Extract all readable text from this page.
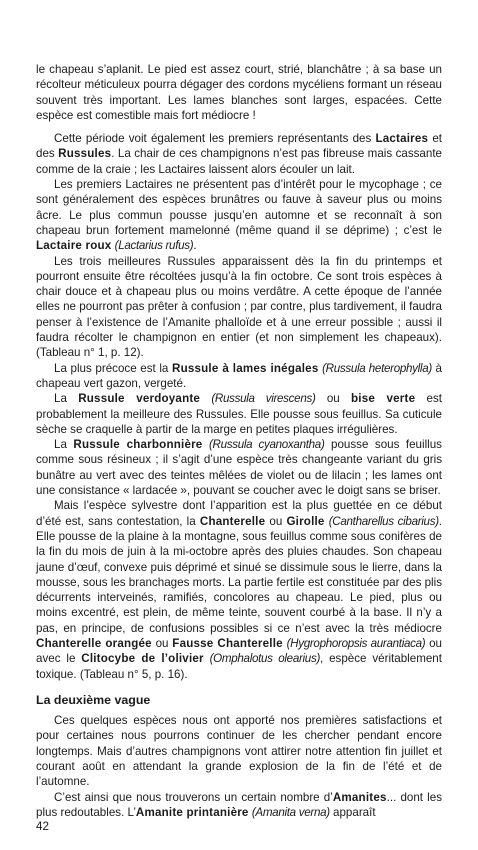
le chapeau s’aplanit. Le pied est assez court, strié, blanchâtre ; à sa base un récolteur méticuleux pourra dégager des cordons mycéliens formant un réseau souvent très important. Les lames blanches sont larges, espacées. Cette espèce est comestible mais fort médiocre !

Cette période voit également les premiers représentants des Lactaires et des Russules. La chair de ces champignons n’est pas fibreuse mais cassante comme de la craie ; les Lactaires laissent alors écouler un lait.

Les premiers Lactaires ne présentent pas d’intérêt pour le mycophage ; ce sont généralement des espèces brunâtres ou fauve à saveur plus ou moins âcre. Le plus commun pousse jusqu’en automne et se reconnaît à son chapeau brun fortement mamelonné (même quand il se déprime) ; c’est le Lactaire roux (Lactarius rufus).

Les trois meilleures Russules apparaissent dès la fin du printemps et pourront ensuite être récoltées jusqu’à la fin octobre. Ce sont trois espèces à chair douce et à chapeau plus ou moins verdâtre. A cette époque de l’année elles ne pourront pas prêter à confusion ; par contre, plus tardivement, il faudra penser à l’existence de l’Amanite phalloïde et à une erreur possible ; aussi il faudra récolter le champignon en entier (et non simplement les chapeaux). (Tableau n° 1, p. 12).

La plus précoce est la Russule à lames inégales (Russula heterophylla) à chapeau vert gazon, vergeté.

La Russule verdoyante (Russula virescens) ou bise verte est probablement la meilleure des Russules. Elle pousse sous feuillus. Sa cuticule sèche se craquelle à partir de la marge en petites plaques irrégulières.

La Russule charbonnière (Russula cyanoxantha) pousse sous feuillus comme sous résineux ; il s’agit d’une espèce très changeante variant du gris bunâtre au vert avec des teintes mêlées de violet ou de lilacin ; les lames ont une consistance « lardacée », pouvant se coucher avec le doigt sans se briser.

Mais l’espèce sylvestre dont l’apparition est la plus guettée en ce début d’été est, sans contestation, la Chanterelle ou Girolle (Cantharellus cibarius). Elle pousse de la plaine à la montagne, sous feuillus comme sous conifères de la fin du mois de juin à la mi-octobre après des pluies chaudes. Son chapeau jaune d’œuf, convexe puis déprimé et sinué se dissimule sous le lierre, dans la mousse, sous les branchages morts. La partie fertile est constituée par des plis décurrents interveinés, ramifiés, concolores au chapeau. Le pied, plus ou moins excentré, est plein, de même teinte, souvent courbé à la base. Il n’y a pas, en principe, de confusions possibles si ce n’est avec la très médiocre Chanterelle orangée ou Fausse Chanterelle (Hygrophoropsis aurantiaca) ou avec le Clitocybe de l’olivier (Omphalotus olearius), espèce véritablement toxique. (Tableau n° 5, p. 16).

La deuxième vague

Ces quelques espèces nous ont apporté nos premières satisfactions et pour certaines nous pourrons continuer de les chercher pendant encore longtemps. Mais d’autres champignons vont attirer notre attention fin juillet et courant août en attendant la grande explosion de la fin de l’été et de l’automne.

C’est ainsi que nous trouverons un certain nombre d’Amanites... dont les plus redoutables. L’Amanite printanière (Amanita verna) apparaît

42
